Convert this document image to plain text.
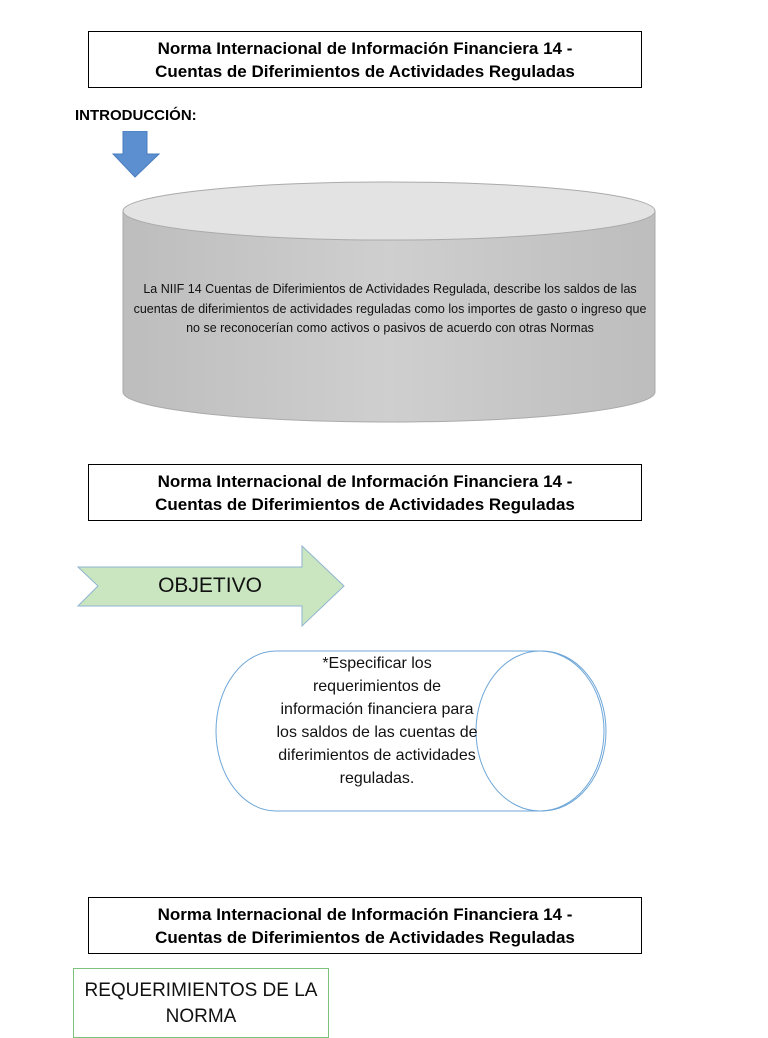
Norma Internacional de Información Financiera 14 -
Cuentas de Diferimientos de Actividades Reguladas
INTRODUCCIÓN:
La NIIF 14 Cuentas de Diferimientos de Actividades Regulada, describe los saldos de las cuentas de diferimientos de actividades reguladas como los importes de gasto o ingreso que no se reconocerían como activos o pasivos de acuerdo con otras Normas
Norma Internacional de Información Financiera 14 -
Cuentas de Diferimientos de Actividades Reguladas
OBJETIVO
*Especificar los requerimientos de información financiera para los saldos de las cuentas de diferimientos de actividades reguladas.
Norma Internacional de Información Financiera 14 -
Cuentas de Diferimientos de Actividades Reguladas
REQUERIMIENTOS DE LA NORMA
